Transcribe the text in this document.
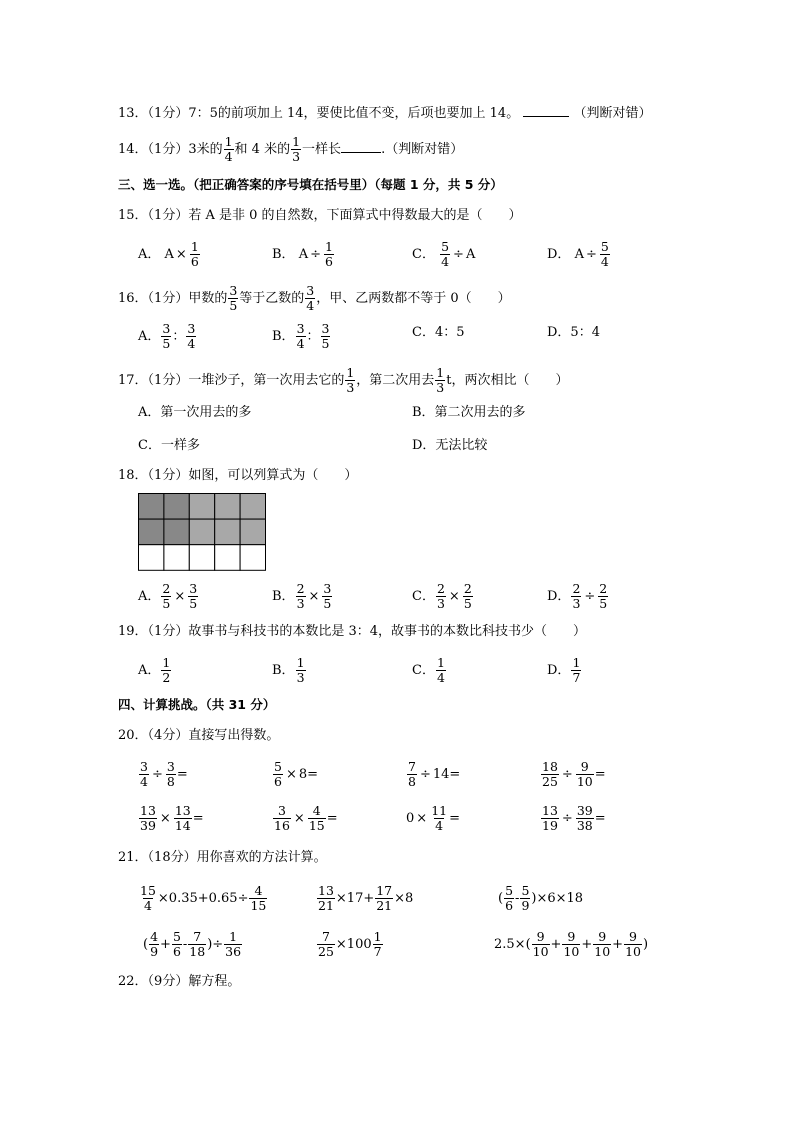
13．（1分）7：5的前项加上 14，要使比值不变，后项也要加上 14。	（判断对错）
14．（1分）3米的 $\frac{1}{4}$ 和 4 米的 $\frac{1}{3}$ 一样长	.（判断对错）
三、选一选。（把正确答案的序号填在括号里）（每题 1 分，共 5 分）
15．（1分）若 A 是非 0 的自然数，下面算式中得数最大的是（　　）
A． $A \times \frac{1}{6}$	B． $A \div \frac{1}{6}$	C． $\frac{5}{4} \div A$	D． $A \div \frac{5}{4}$
16．（1分）甲数的 $\frac{3}{5}$ 等于乙数的 $\frac{3}{4}$ ，甲、乙两数都不等于 0（　　）
A． $\frac{3}{5}$ ： $\frac{3}{4}$	B． $\frac{3}{4}$ ： $\frac{3}{5}$	C．4：5	D．5：4
17．（1分）一堆沙子，第一次用去它的 $\frac{1}{3}$ ，第二次用去 $\frac{1}{3}$ t，两次相比（　　）
A．第一次用去的多	B．第二次用去的多
C．一样多	D．无法比较
18．（1分）如图，可以列算式为（　　）
A． $\frac{2}{5} \times \frac{3}{5}$	B． $\frac{2}{3} \times \frac{3}{5}$	C． $\frac{2}{3} \times \frac{2}{5}$	D． $\frac{2}{3} \div \frac{2}{5}$
19．（1分）故事书与科技书的本数比是 3：4，故事书的本数比科技书少（　　）
A． $\frac{1}{2}$	B． $\frac{1}{3}$	C． $\frac{1}{4}$	D． $\frac{1}{7}$
四、计算挑战。（共 31 分）
20．（4分）直接写出得数。
$\frac{3}{4} \div \frac{3}{8}$ =	$\frac{5}{6} \times 8=$	$\frac{7}{8} \div 14=$	$\frac{18}{25} \div \frac{9}{10}$ =
$\frac{13}{39} \times \frac{13}{14}$ =	$\frac{3}{16} \times \frac{4}{15}$ =	$0 \times \frac{11}{4}$ =	$\frac{13}{19} \div \frac{39}{38}$ =
21．（18分）用你喜欢的方法计算。
$\frac{15}{4} \times 0.35+0.65\div \frac{4}{15}$	$\frac{13}{21} \times 17+ \frac{17}{21} \times 8$	( $\frac{5}{6} - \frac{5}{9} )\times 6\times 18$
( $\frac{4}{9} + \frac{5}{6} - \frac{7}{18}$ )÷ $\frac{1}{36}$	$\frac{7}{25} \times 100 \frac{1}{7}$	$2.5\times( \frac{9}{10} + \frac{9}{10} + \frac{9}{10} + \frac{9}{10}$ )
22．（9分）解方程。
